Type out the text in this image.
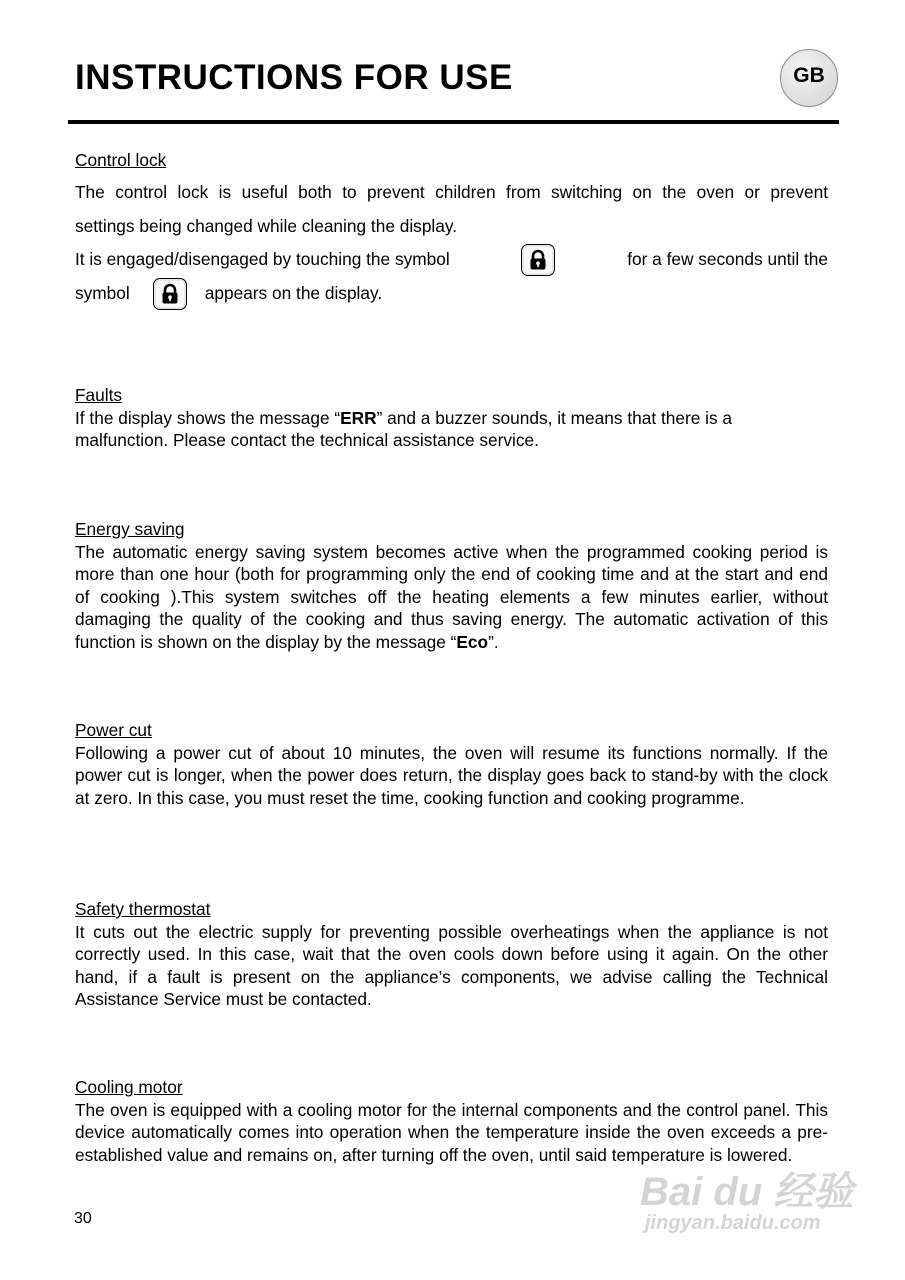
INSTRUCTIONS FOR USE	GB

Control lock

The control lock is useful both to prevent children from switching on the oven or prevent
settings being changed while cleaning the display.
It is engaged/disengaged by touching the symbol	for a few seconds until the
symbol	appears on the display.

Faults

If the display shows the message “ERR” and a buzzer sounds, it means that there is a malfunction. Please contact the technical assistance service.

Energy saving

The automatic energy saving system becomes active when the programmed cooking period is more than one hour (both for programming only the end of cooking time and at the start and end of cooking ).This system switches off the heating elements a few minutes earlier, without damaging the quality of the cooking and thus saving energy. The automatic activation of this function is shown on the display by the message “Eco”.

Power cut

Following a power cut of about 10 minutes, the oven will resume its functions normally. If the power cut is longer, when the power does return, the display goes back to stand-by with the clock at zero. In this case, you must reset the time, cooking function and cooking programme.

Safety thermostat

It cuts out the electric supply for preventing possible overheatings when the appliance is not correctly used. In this case, wait that the oven cools down before using it again. On the other hand, if a fault is present on the appliance’s components, we advise calling the Technical Assistance Service must be contacted.

Cooling motor

The oven is equipped with a cooling motor for the internal components and the control panel. This device automatically comes into operation when the temperature inside the oven exceeds a pre-established value and remains on, after turning off the oven, until said temperature is lowered.

30
Bai du 经验
jingyan.baidu.com
